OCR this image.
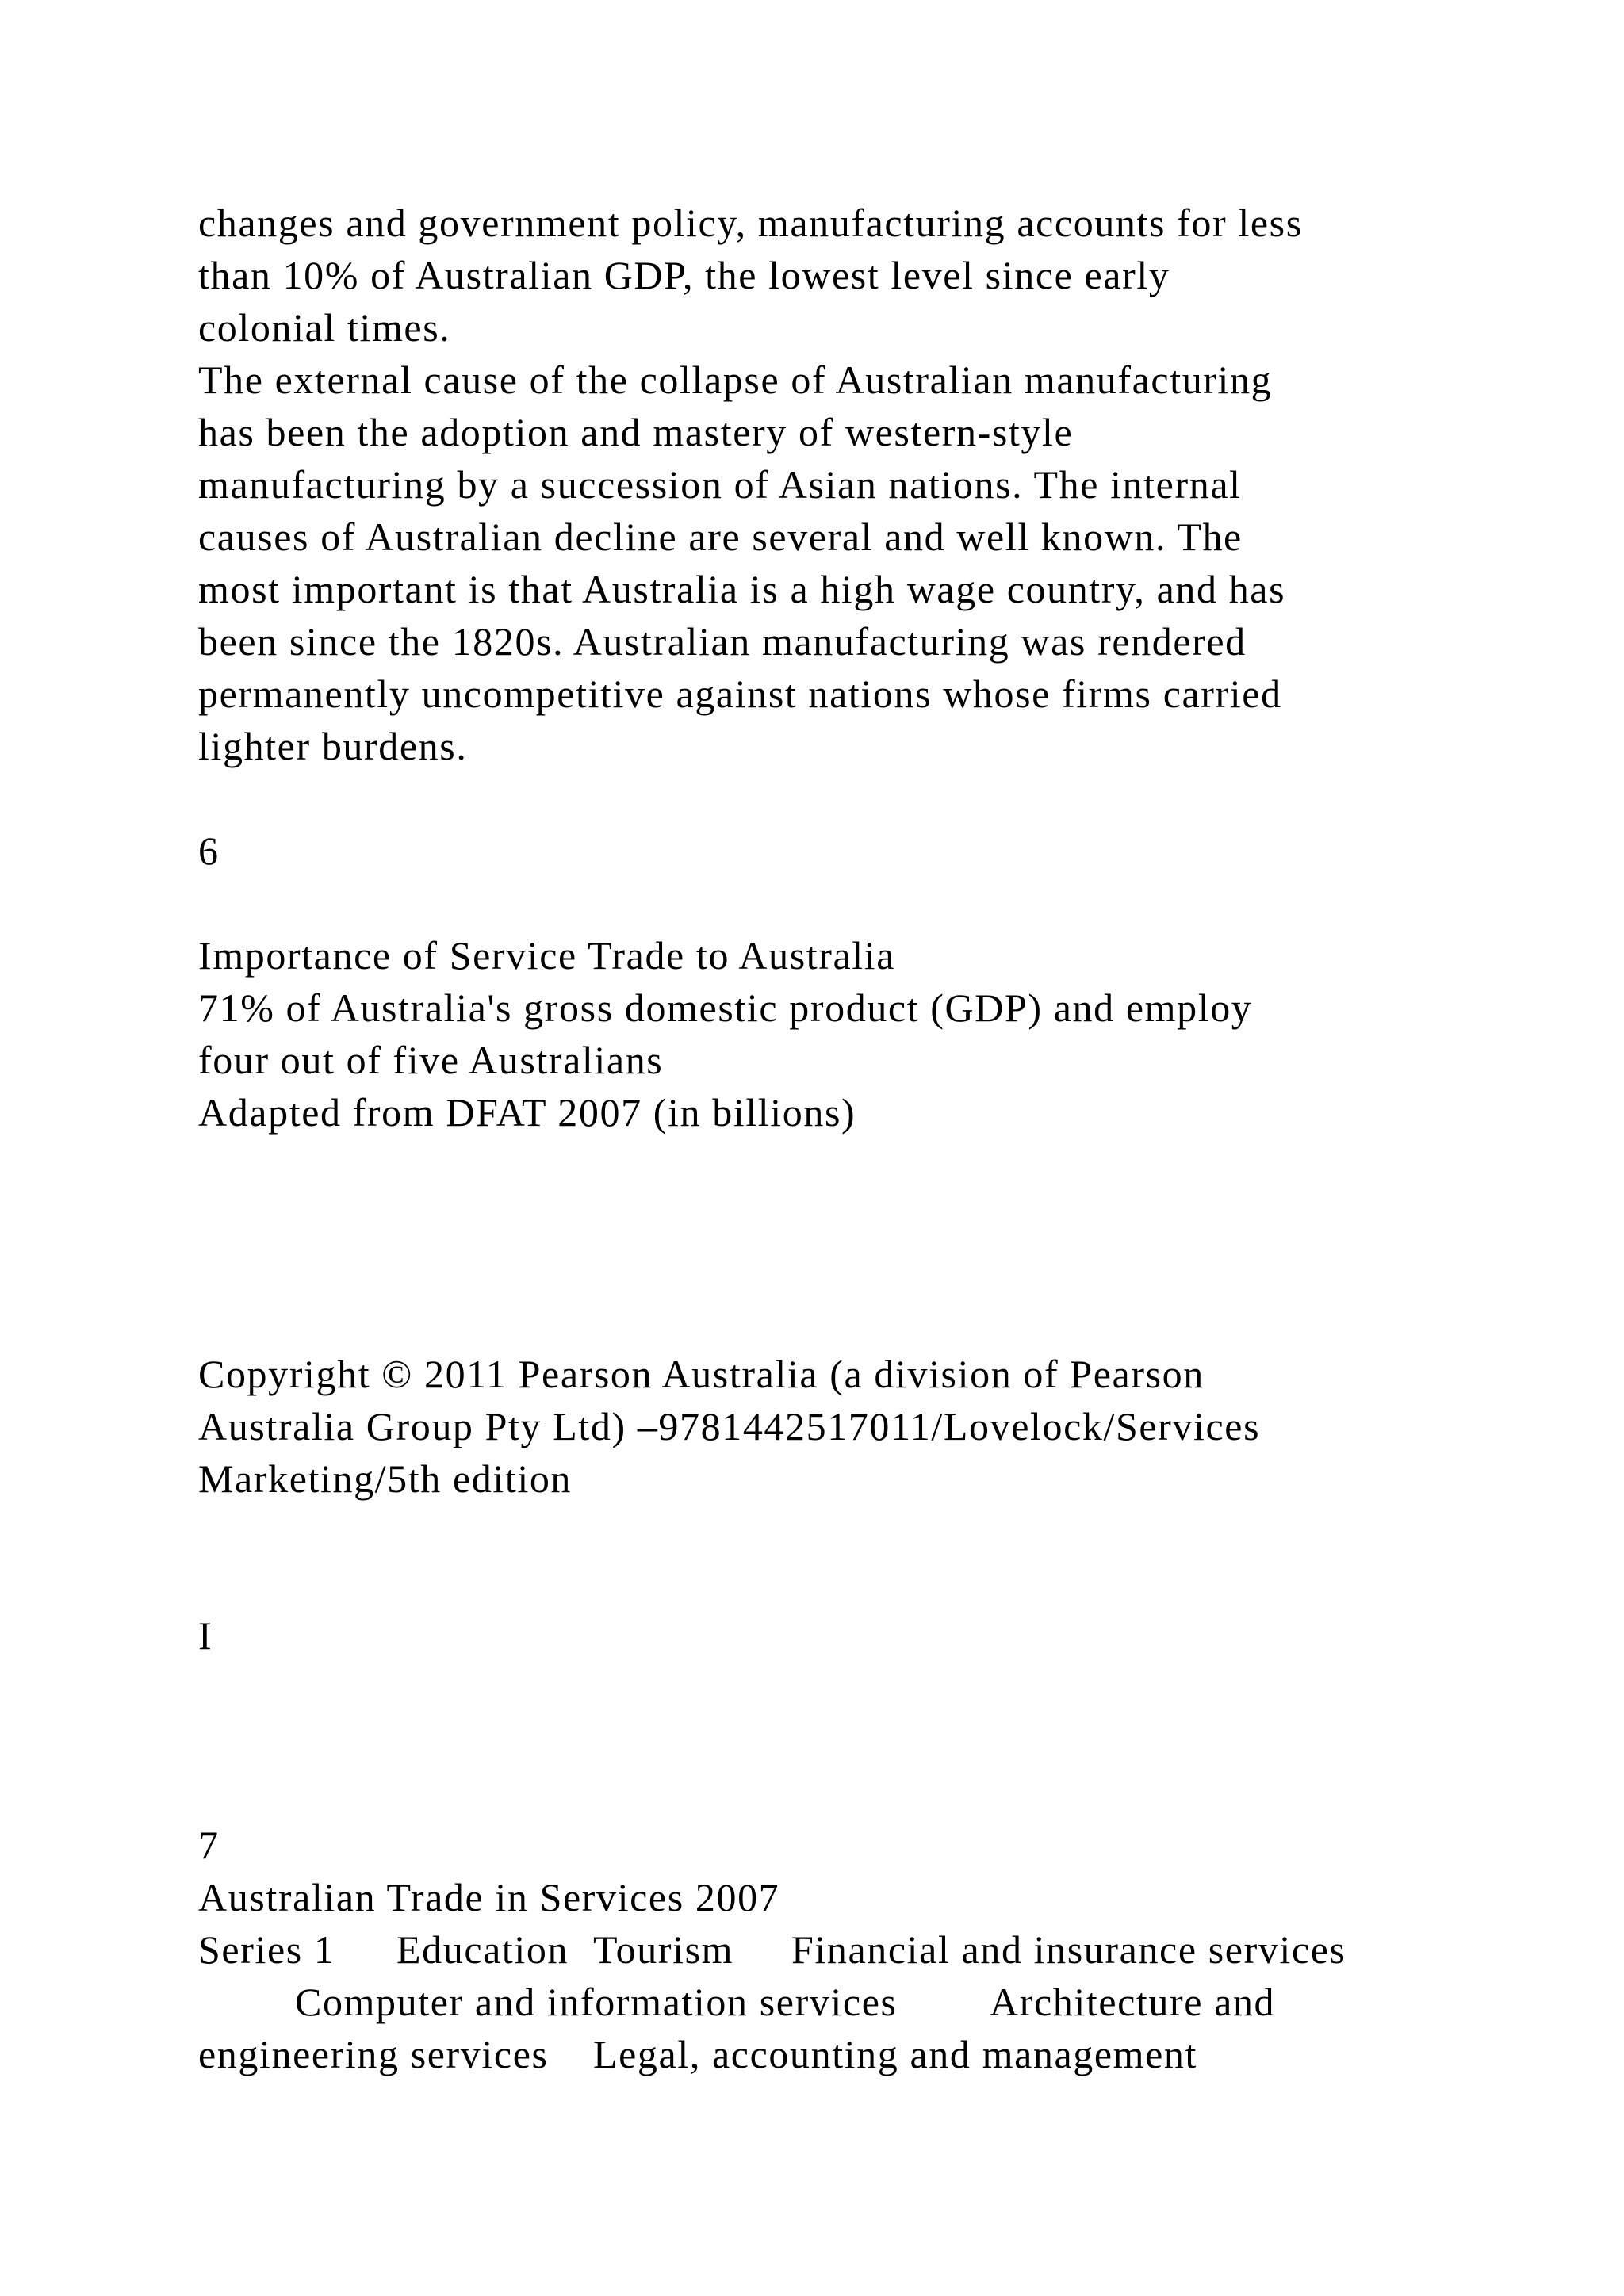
changes and government policy, manufacturing accounts for less
than 10% of Australian GDP, the lowest level since early
colonial times.
The external cause of the collapse of Australian manufacturing
has been the adoption and mastery of western-style
manufacturing by a succession of Asian nations. The internal
causes of Australian decline are several and well known. The
most important is that Australia is a high wage country, and has
been since the 1820s. Australian manufacturing was rendered
permanently uncompetitive against nations whose firms carried
lighter burdens.
6
Importance of Service Trade to Australia
71% of Australia's gross domestic product (GDP) and employ
four out of five Australians
Adapted from DFAT 2007 (in billions)
Copyright © 2011 Pearson Australia (a division of Pearson
Australia Group Pty Ltd) –9781442517011/Lovelock/Services
Marketing/5th edition
I
7
Australian Trade in Services 2007

Series 1

Education

Tourism

Financial and insurance services

Computer and information services

Architecture and

engineering services

Legal, accounting and management
